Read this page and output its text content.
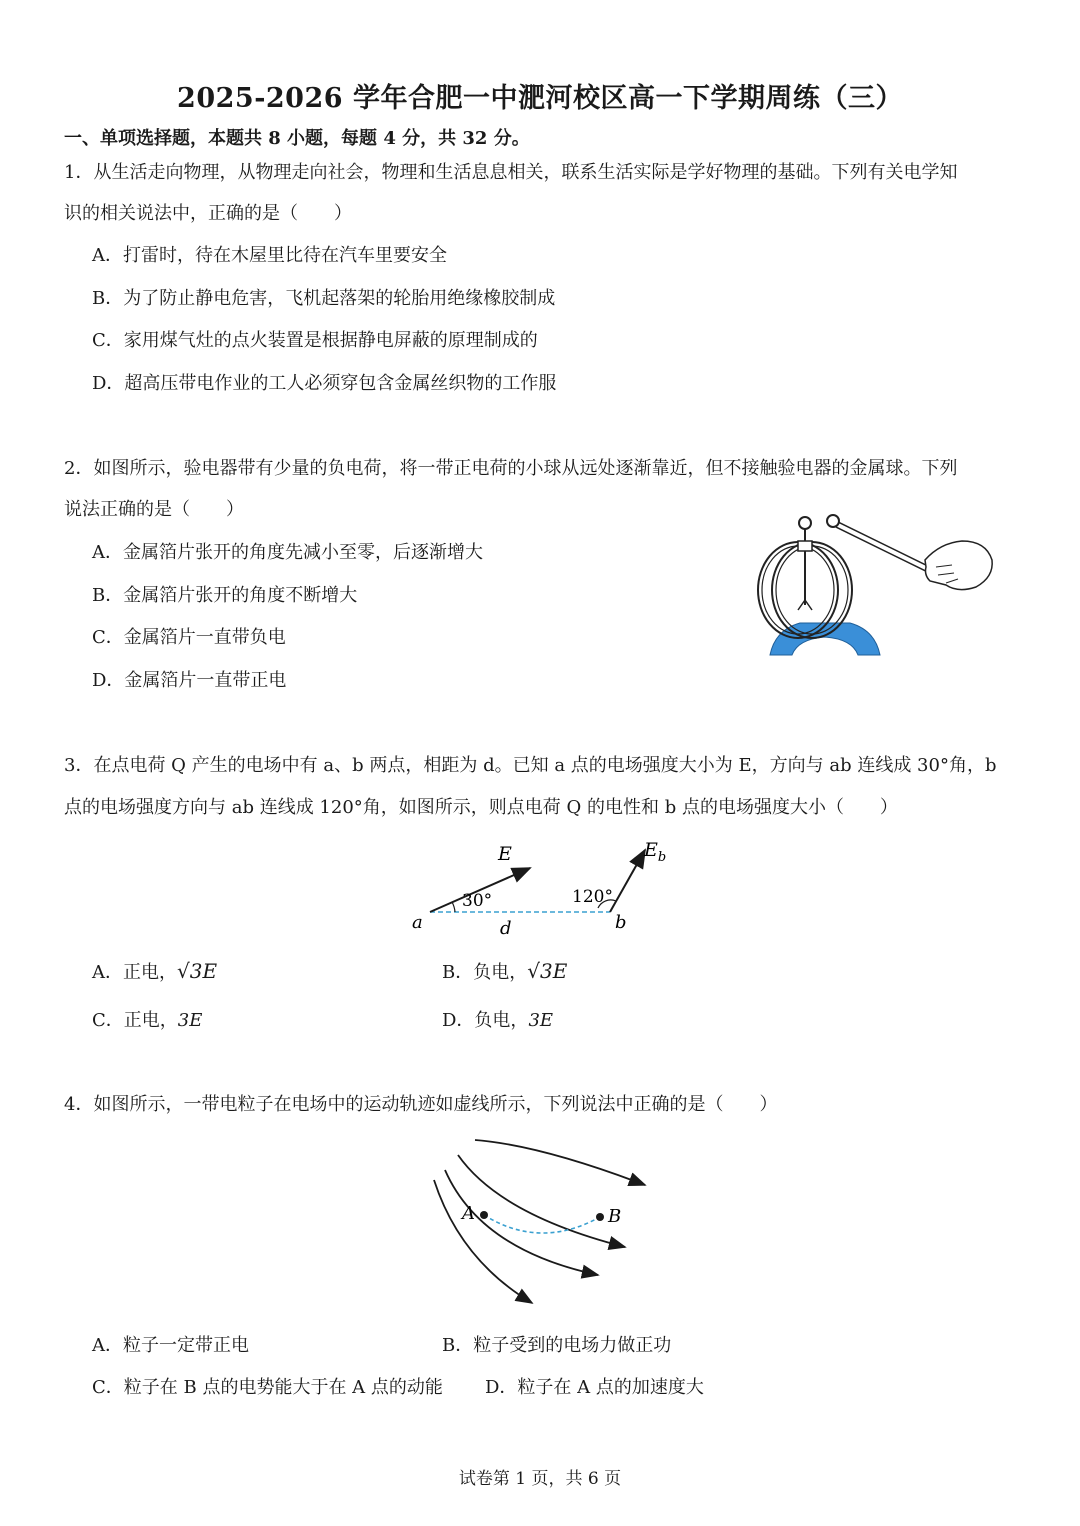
2025-2026 学年合肥一中淝河校区高一下学期周练（三）
一、单项选择题，本题共 8 小题，每题 4 分，共 32 分。
1．从生活走向物理，从物理走向社会，物理和生活息息相关，联系生活实际是学好物理的基础。下列有关电学知
识的相关说法中，正确的是（　　）
A．打雷时，待在木屋里比待在汽车里要安全
B．为了防止静电危害，飞机起落架的轮胎用绝缘橡胶制成
C．家用煤气灶的点火装置是根据静电屏蔽的原理制成的
D．超高压带电作业的工人必须穿包含金属丝织物的工作服
2．如图所示，验电器带有少量的负电荷，将一带正电荷的小球从远处逐渐靠近，但不接触验电器的金属球。下列
说法正确的是（　　）
A．金属箔片张开的角度先减小至零，后逐渐增大
B．金属箔片张开的角度不断增大
C．金属箔片一直带负电
D．金属箔片一直带正电
3．在点电荷 Q 产生的电场中有 a、b 两点，相距为 d。已知 a 点的电场强度大小为 E，方向与 ab 连线成 30°角，b
点的电场强度方向与 ab 连线成 120°角，如图所示，则点电荷 Q 的电性和 b 点的电场强度大小（　　）
E	$E_b$
30°	120°
a	b
d
A．正电，√3E	B．负电，√3E
C．正电，3E	D．负电，3E
4．如图所示，一带电粒子在电场中的运动轨迹如虚线所示，下列说法中正确的是（　　）
A	B
A．粒子一定带正电	B．粒子受到的电场力做正功
C．粒子在 B 点的电势能大于在 A 点的动能 D．粒子在 A 点的加速度大
试卷第 1 页，共 6 页
